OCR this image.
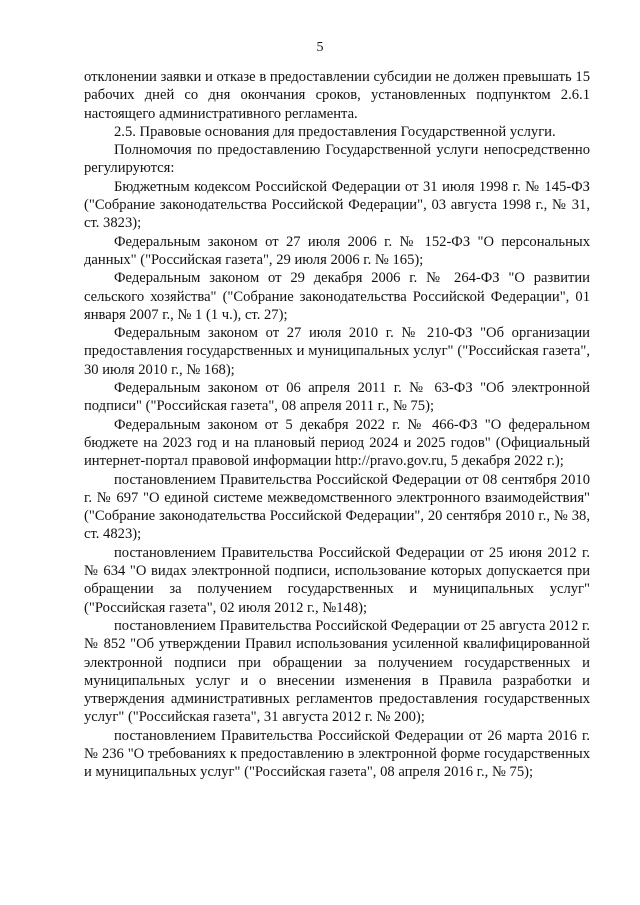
5

отклонении заявки и отказе в предоставлении субсидии не должен превышать 15 рабочих дней со дня окончания сроков, установленных подпунктом 2.6.1 настоящего административного регламента.

2.5. Правовые основания для предоставления Государственной услуги.

Полномочия по предоставлению Государственной услуги непосредственно регулируются:

Бюджетным кодексом Российской Федерации от 31 июля 1998 г. № 145-ФЗ ("Собрание законодательства Российской Федерации", 03 августа 1998 г., № 31, ст. 3823);

Федеральным законом от 27 июля 2006 г. № 152-ФЗ "О персональных данных" ("Российская газета", 29 июля 2006 г. № 165);

Федеральным законом от 29 декабря 2006 г. № 264-ФЗ "О развитии сельского хозяйства" ("Собрание законодательства Российской Федерации", 01 января 2007 г., № 1 (1 ч.), ст. 27);

Федеральным законом от 27 июля 2010 г. № 210-ФЗ "Об организации предоставления государственных и муниципальных услуг" ("Российская газета", 30 июля 2010 г., № 168);

Федеральным законом от 06 апреля 2011 г. № 63-ФЗ "Об электронной подписи" ("Российская газета", 08 апреля 2011 г., № 75);

Федеральным законом от 5 декабря 2022 г. № 466-ФЗ "О федеральном бюджете на 2023 год и на плановый период 2024 и 2025 годов" (Официальный интернет-портал правовой информации http://pravo.gov.ru, 5 декабря 2022 г.);

постановлением Правительства Российской Федерации от 08 сентября 2010 г. № 697 "О единой системе межведомственного электронного взаимодействия" ("Собрание законодательства Российской Федерации", 20 сентября 2010 г., № 38, ст. 4823);

постановлением Правительства Российской Федерации от 25 июня 2012 г. № 634 "О видах электронной подписи, использование которых допускается при обращении за получением государственных и муниципальных услуг" ("Российская газета", 02 июля 2012 г., №148);

постановлением Правительства Российской Федерации от 25 августа 2012 г. № 852 "Об утверждении Правил использования усиленной квалифицированной электронной подписи при обращении за получением государственных и муниципальных услуг и о внесении изменения в Правила разработки и утверждения административных регламентов предоставления государственных услуг" ("Российская газета", 31 августа 2012 г. № 200);

постановлением Правительства Российской Федерации от 26 марта 2016 г. № 236 "О требованиях к предоставлению в электронной форме государственных и муниципальных услуг" ("Российская газета", 08 апреля 2016 г., № 75);
